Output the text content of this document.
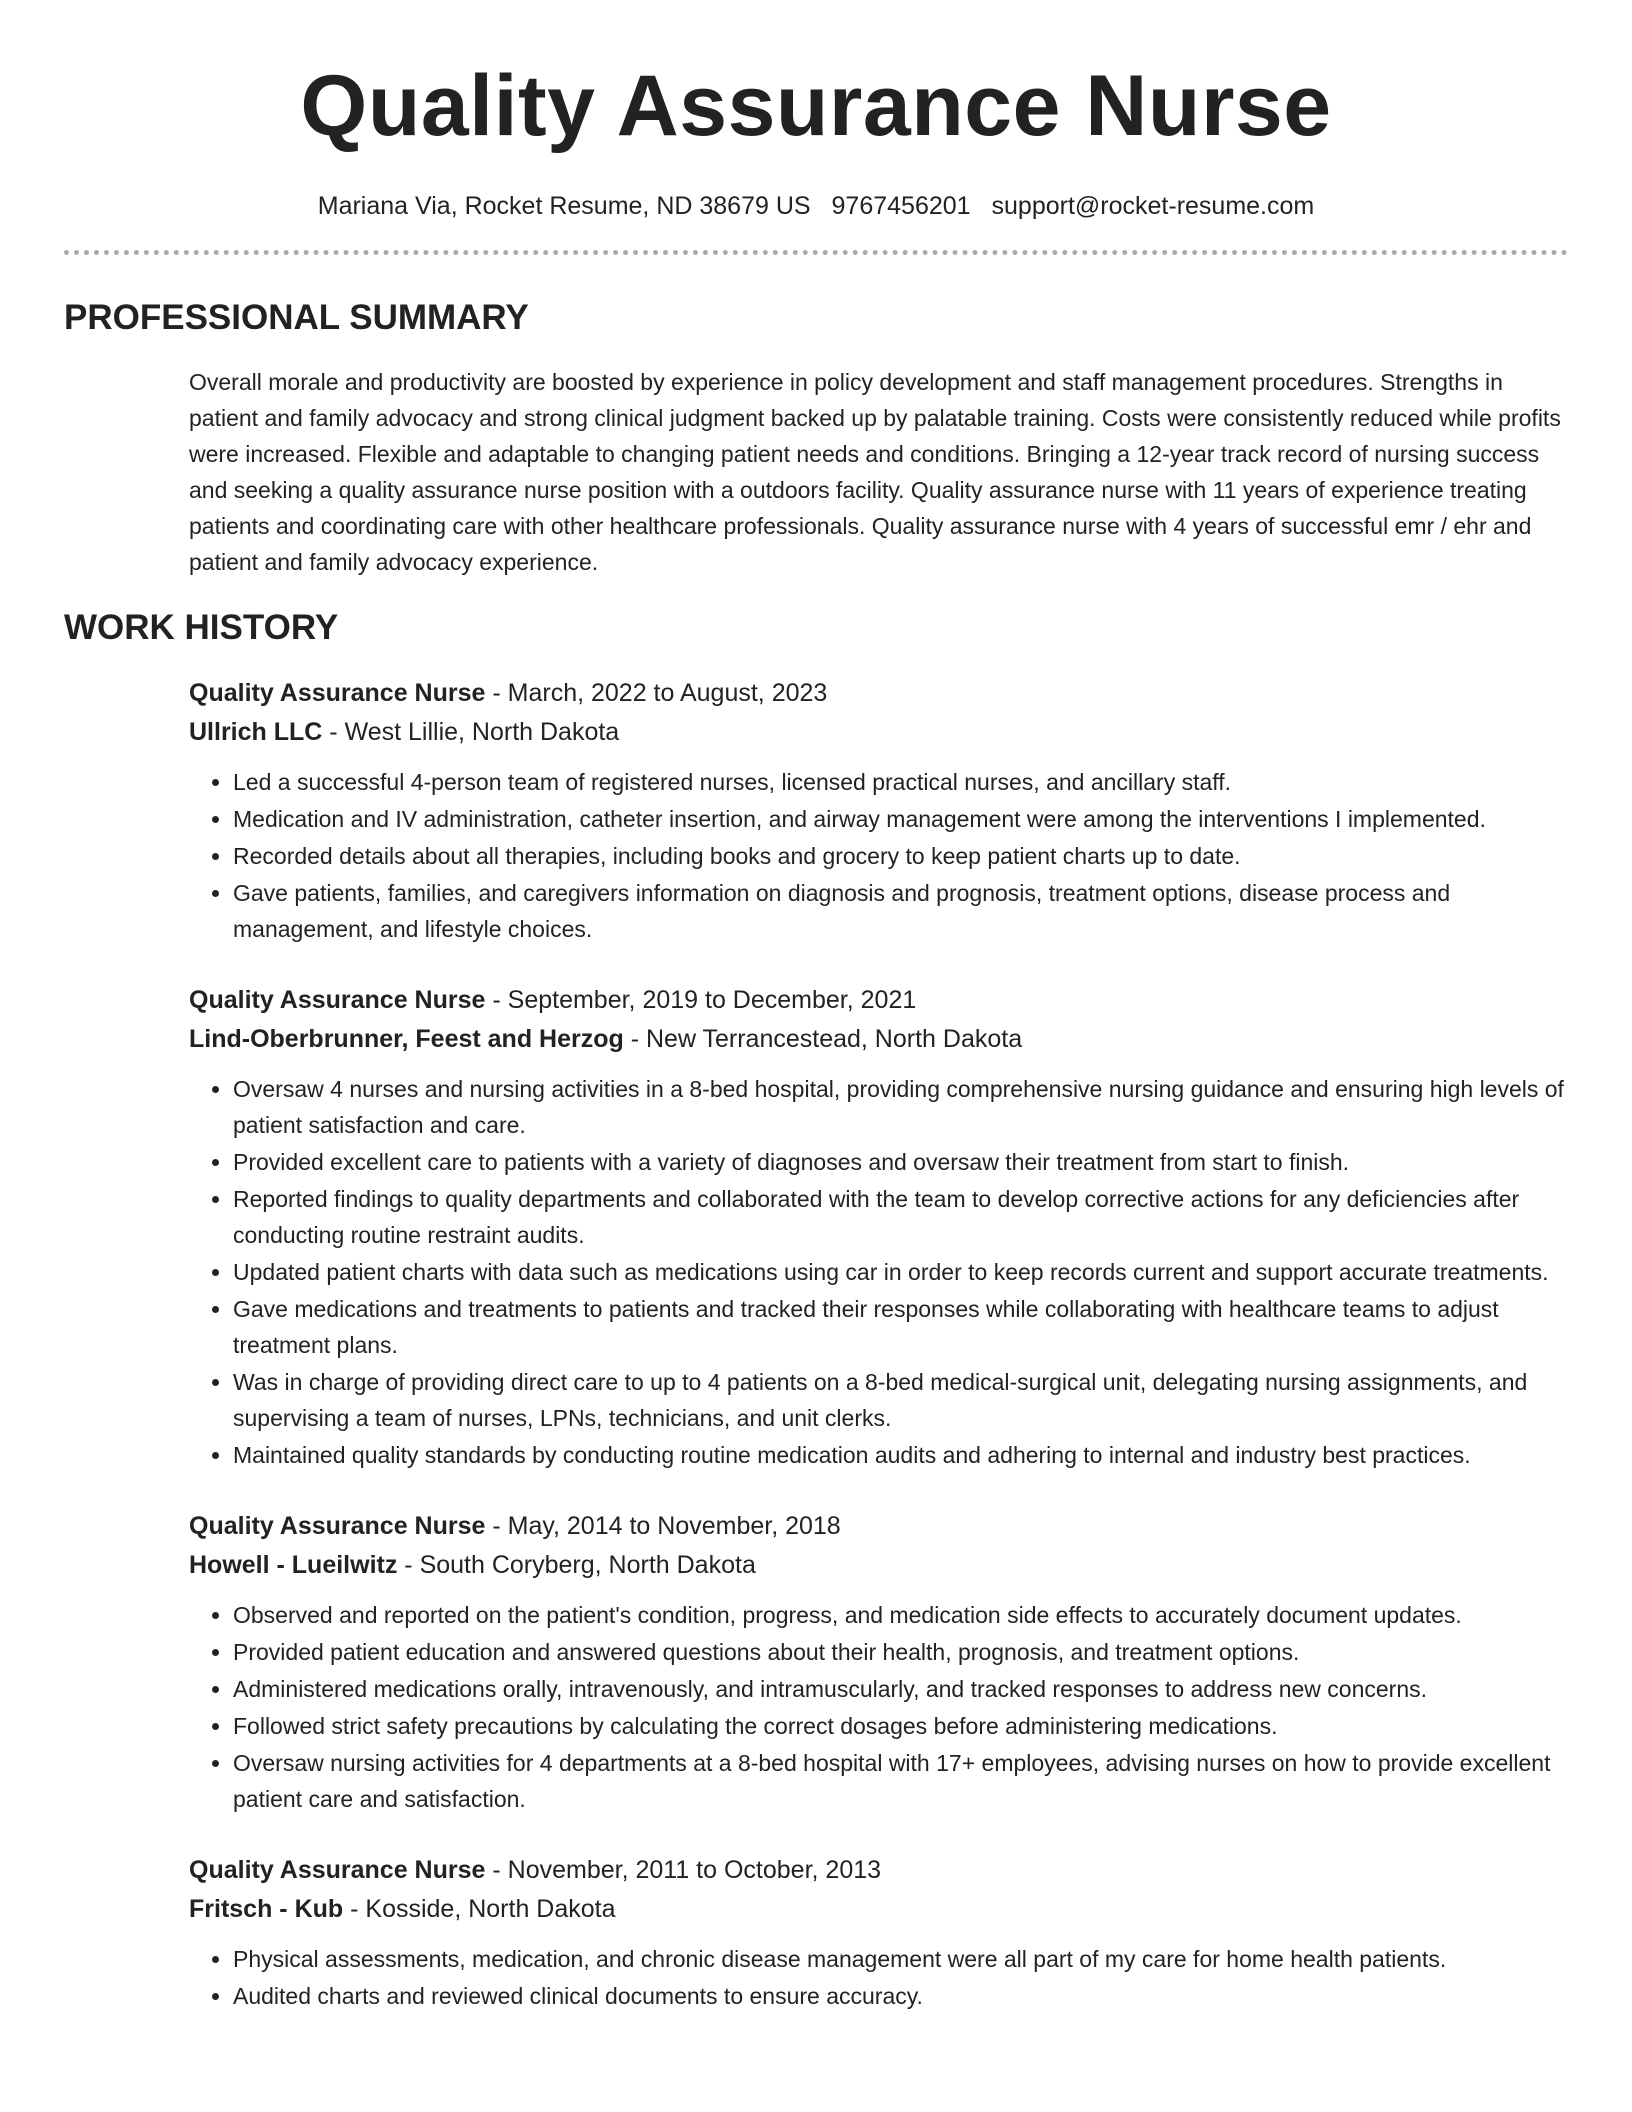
Quality Assurance Nurse
Mariana Via, Rocket Resume, ND 38679 US 9767456201 support@rocket-resume.com
PROFESSIONAL SUMMARY

Overall morale and productivity are boosted by experience in policy development and staff management procedures. Strengths in patient and family advocacy and strong clinical judgment backed up by palatable training. Costs were consistently reduced while profits were increased. Flexible and adaptable to changing patient needs and conditions. Bringing a 12-year track record of nursing success and seeking a quality assurance nurse position with a outdoors facility. Quality assurance nurse with 11 years of experience treating patients and coordinating care with other healthcare professionals. Quality assurance nurse with 4 years of successful emr / ehr and patient and family advocacy experience.

WORK HISTORY

Quality Assurance Nurse - March, 2022 to August, 2023

Ullrich LLC - West Lillie, North Dakota

• Led a successful 4-person team of registered nurses, licensed practical nurses, and ancillary staff.
• Medication and IV administration, catheter insertion, and airway management were among the interventions I implemented.
• Recorded details about all therapies, including books and grocery to keep patient charts up to date.
• Gave patients, families, and caregivers information on diagnosis and prognosis, treatment options, disease process and management, and lifestyle choices.

Quality Assurance Nurse - September, 2019 to December, 2021

Lind-Oberbrunner, Feest and Herzog - New Terrancestead, North Dakota

• Oversaw 4 nurses and nursing activities in a 8-bed hospital, providing comprehensive nursing guidance and ensuring high levels of patient satisfaction and care.
• Provided excellent care to patients with a variety of diagnoses and oversaw their treatment from start to finish.
• Reported findings to quality departments and collaborated with the team to develop corrective actions for any deficiencies after conducting routine restraint audits.
• Updated patient charts with data such as medications using car in order to keep records current and support accurate treatments.
• Gave medications and treatments to patients and tracked their responses while collaborating with healthcare teams to adjust treatment plans.
• Was in charge of providing direct care to up to 4 patients on a 8-bed medical-surgical unit, delegating nursing assignments, and supervising a team of nurses, LPNs, technicians, and unit clerks.
• Maintained quality standards by conducting routine medication audits and adhering to internal and industry best practices.

Quality Assurance Nurse - May, 2014 to November, 2018

Howell - Lueilwitz - South Coryberg, North Dakota

• Observed and reported on the patient's condition, progress, and medication side effects to accurately document updates.
• Provided patient education and answered questions about their health, prognosis, and treatment options.
• Administered medications orally, intravenously, and intramuscularly, and tracked responses to address new concerns.
• Followed strict safety precautions by calculating the correct dosages before administering medications.
• Oversaw nursing activities for 4 departments at a 8-bed hospital with 17+ employees, advising nurses on how to provide excellent patient care and satisfaction.

Quality Assurance Nurse - November, 2011 to October, 2013

Fritsch - Kub - Kosside, North Dakota

• Physical assessments, medication, and chronic disease management were all part of my care for home health patients.
• Audited charts and reviewed clinical documents to ensure accuracy.
